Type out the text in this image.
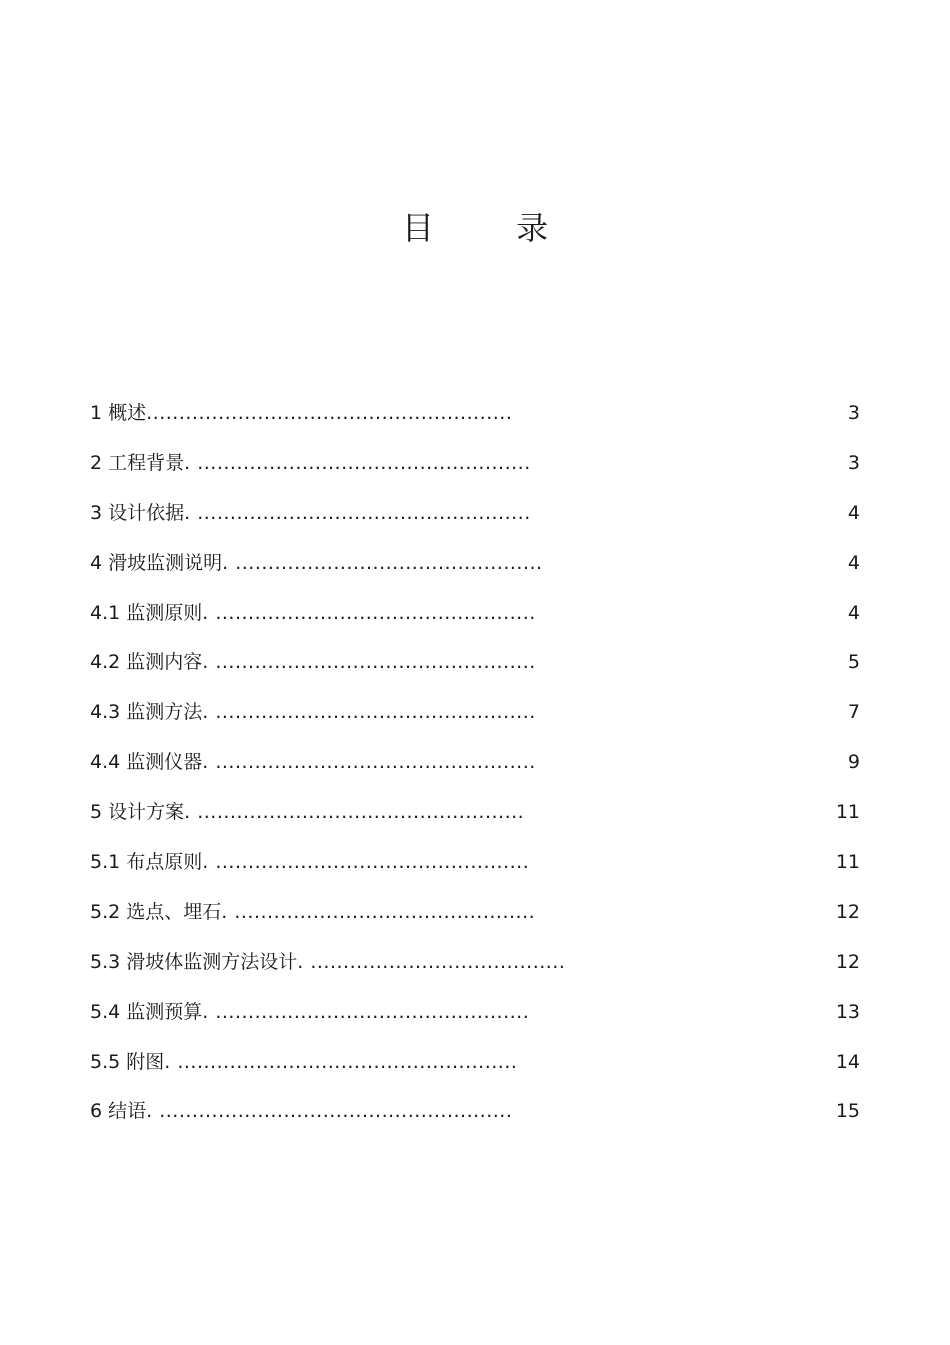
目 录
1 概述........................................................	3
2 工程背景. ...................................................	3
3 设计依据. ...................................................	4
4 滑坡监测说明. ...............................................	4
4.1 监测原则. .................................................	4
4.2 监测内容. .................................................	5
4.3 监测方法. .................................................	7
4.4 监测仪器. .................................................	9
5 设计方案. ..................................................	11
5.1 布点原则. ................................................	11
5.2 选点、埋石. ..............................................	12
5.3 滑坡体监测方法设计. .......................................	12
5.4 监测预算. ................................................	13
5.5 附图. ....................................................	14
6 结语. ......................................................	15
